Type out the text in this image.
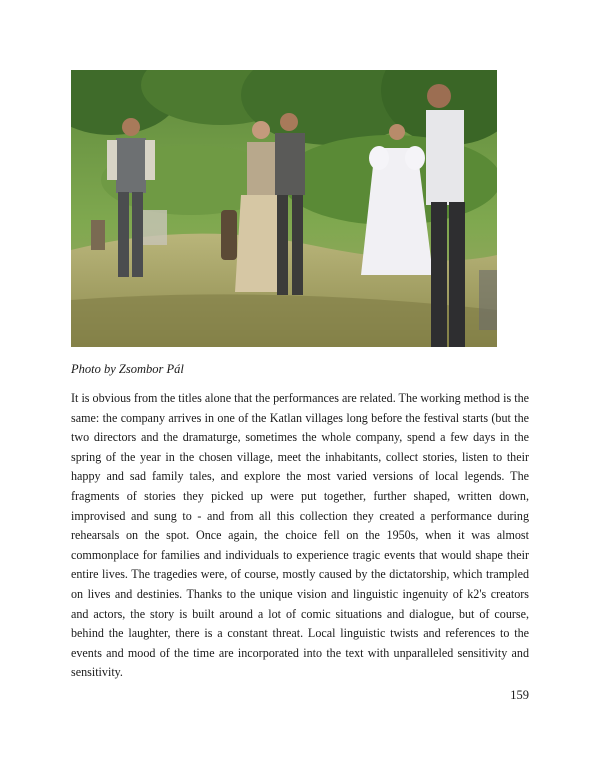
Photo by Zsombor Pál

It is obvious from the titles alone that the performances are related. The working method is the same: the company arrives in one of the Katlan villages long before the festival starts (but the two directors and the dramaturge, sometimes the whole company, spend a few days in the spring of the year in the chosen village, meet the inhabitants, collect stories, listen to their happy and sad family tales, and explore the most varied versions of local legends. The fragments of stories they picked up were put together, further shaped, written down, improvised and sung to - and from all this collection they created a performance during rehearsals on the spot. Once again, the choice fell on the 1950s, when it was almost commonplace for families and individuals to experience tragic events that would shape their entire lives. The tragedies were, of course, mostly caused by the dictatorship, which trampled on lives and destinies. Thanks to the unique vision and linguistic ingenuity of k2's creators and actors, the story is built around a lot of comic situations and dialogue, but of course, behind the laughter, there is a constant threat. Local linguistic twists and references to the events and mood of the time are incorporated into the text with unparalleled sensitivity and sensitivity.

159
